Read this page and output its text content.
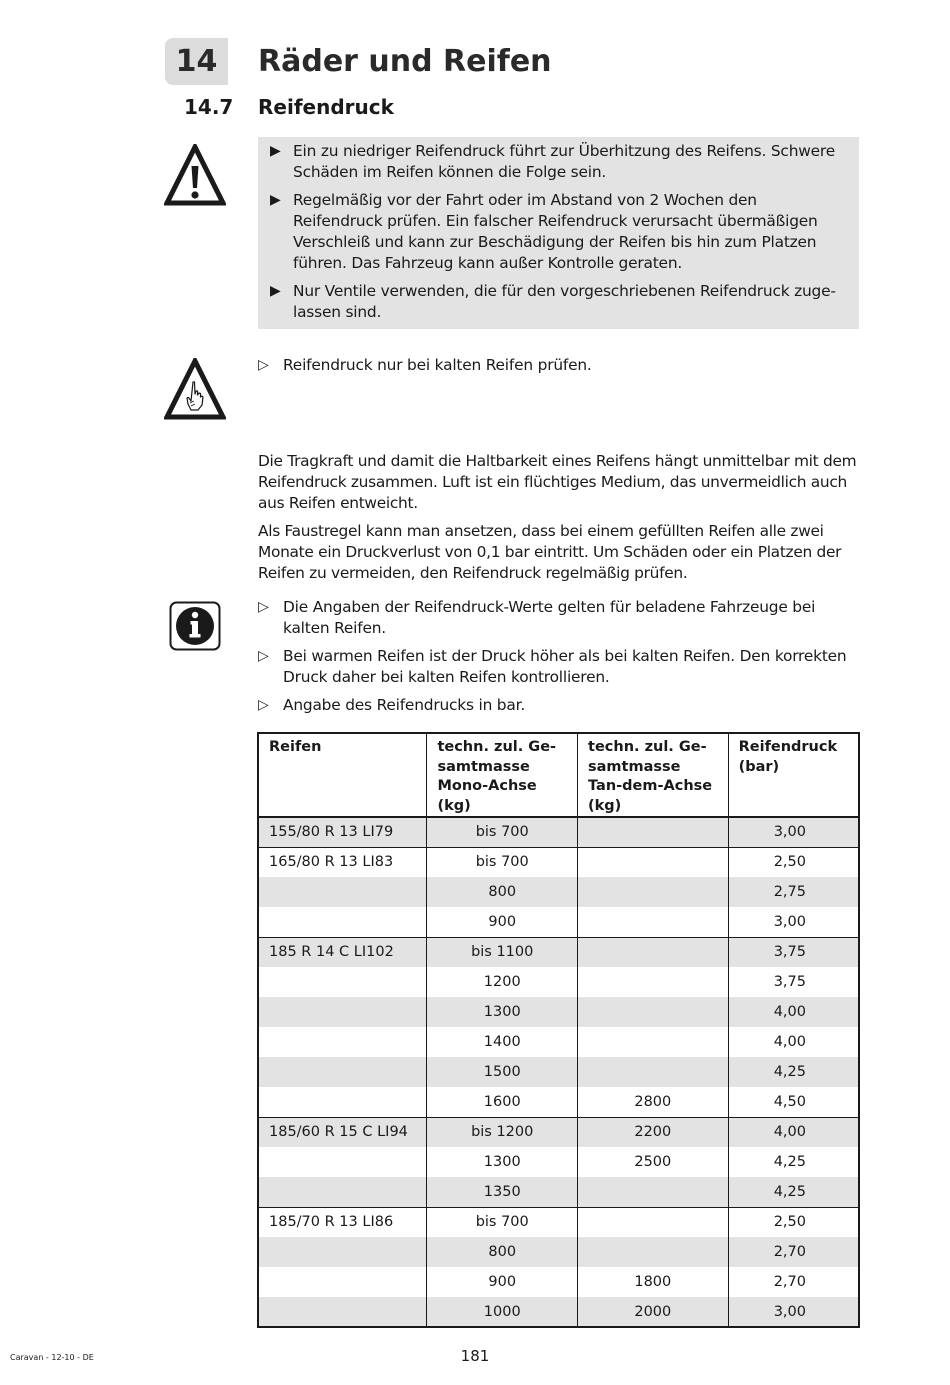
14	Räder und Reifen
14.7 Reifendruck
▶ Ein zu niedriger Reifendruck führt zur Überhitzung des Reifens. Schwere Schäden im Reifen können die Folge sein.
▶ Regelmäßig vor der Fahrt oder im Abstand von 2 Wochen den Reifendruck prüfen. Ein falscher Reifendruck verursacht übermäßigen Verschleiß und kann zur Beschädigung der Reifen bis hin zum Platzen führen. Das Fahrzeug kann außer Kontrolle geraten.
▶ Nur Ventile verwenden, die für den vorgeschriebenen Reifendruck zuge-lassen sind.
▷ Reifendruck nur bei kalten Reifen prüfen.
Die Tragkraft und damit die Haltbarkeit eines Reifens hängt unmittelbar mit dem Reifendruck zusammen. Luft ist ein flüchtiges Medium, das unvermeidlich auch aus Reifen entweicht.
Als Faustregel kann man ansetzen, dass bei einem gefüllten Reifen alle zwei Monate ein Druckverlust von 0,1 bar eintritt. Um Schäden oder ein Platzen der Reifen zu vermeiden, den Reifendruck regelmäßig prüfen.
▷ Die Angaben der Reifendruck-Werte gelten für beladene Fahrzeuge bei kalten Reifen.
▷ Bei warmen Reifen ist der Druck höher als bei kalten Reifen. Den korrekten Druck daher bei kalten Reifen kontrollieren.
▷ Angabe des Reifendrucks in bar.
Reifen	techn. zul. Ge-samtmasse Mono-Achse (kg)	techn. zul. Ge-samtmasse Tan-dem-Achse (kg)	Reifendruck (bar)
155/80 R 13 LI79	bis 700		3,00
165/80 R 13 LI83	bis 700		2,50
	800		2,75
	900		3,00
185 R 14 C LI102	bis 1100		3,75
	1200		3,75
	1300		4,00
	1400		4,00
	1500		4,25
	1600	2800	4,50
185/60 R 15 C LI94	bis 1200	2200	4,00
	1300	2500	4,25
	1350		4,25
185/70 R 13 LI86	bis 700		2,50
	800		2,70
	900	1800	2,70
	1000	2000	3,00
Caravan - 12-10 - DE	181
